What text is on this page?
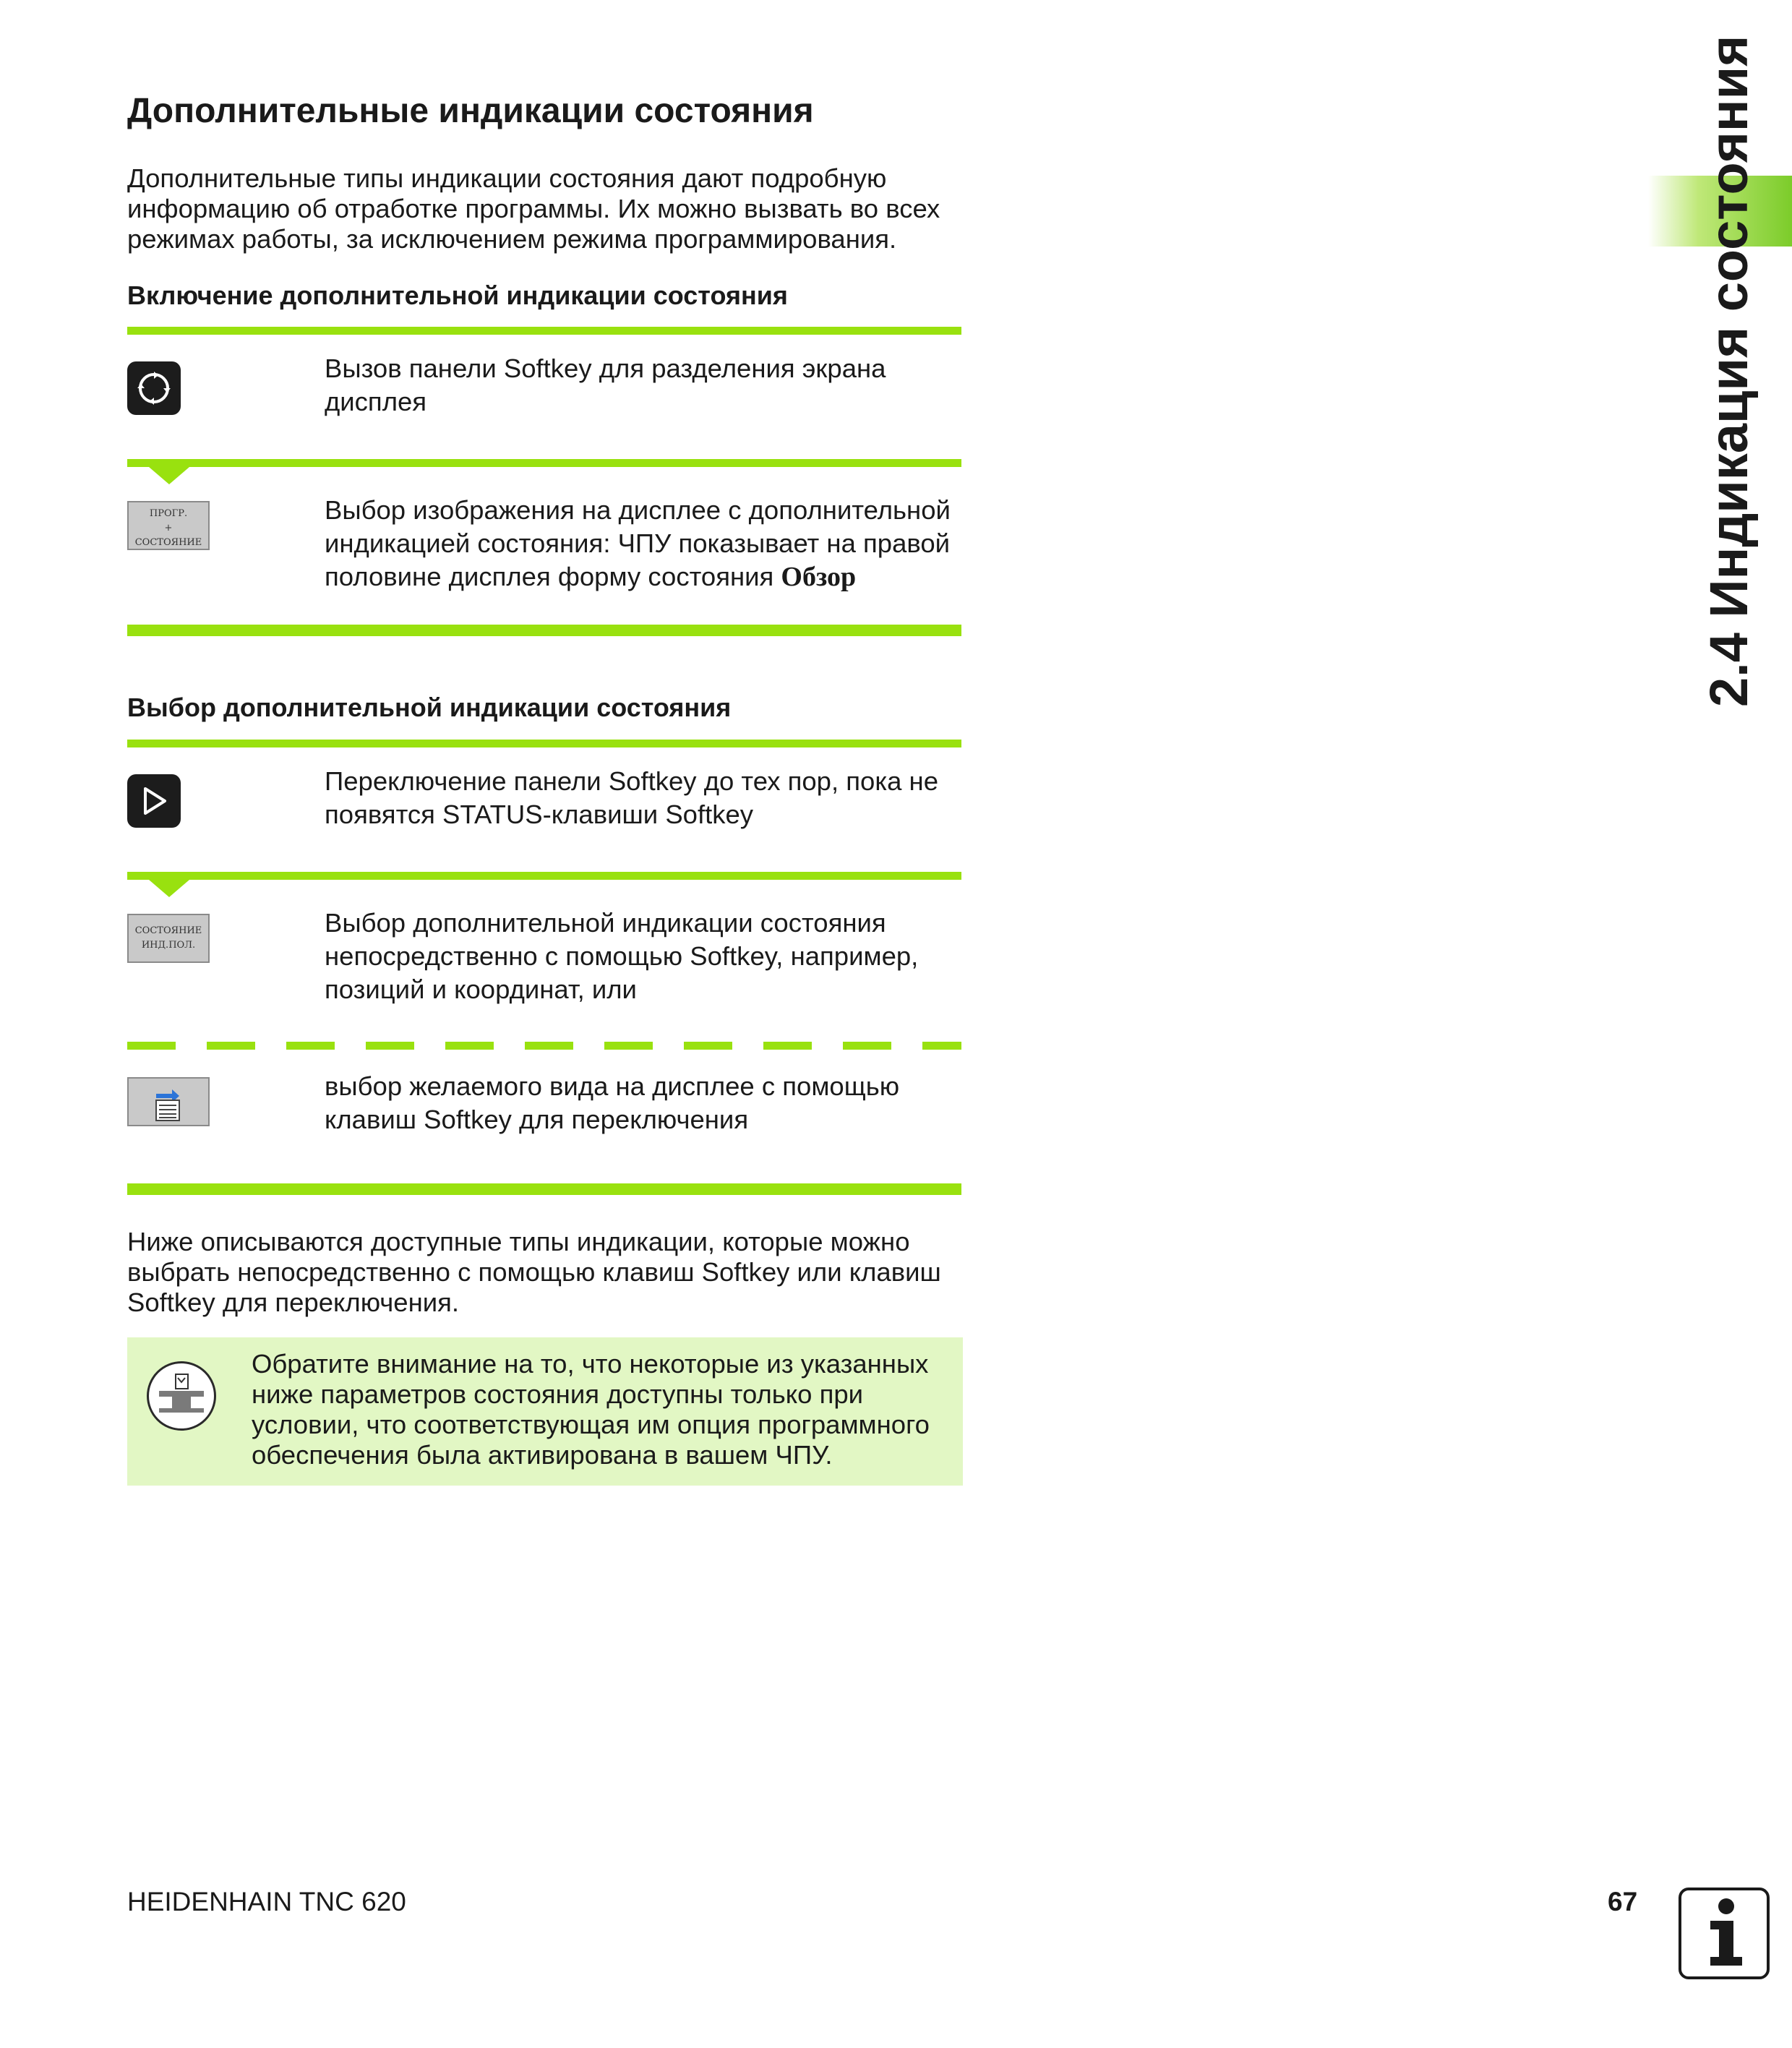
Дополнительные индикации состояния
Дополнительные типы индикации состояния дают подробную информацию об отработке программы. Их можно вызвать во всех режимах работы, за исключением режима программирования.
Включение дополнительной индикации состояния
Вызов панели Softkey для разделения экрана дисплея
ПРОГР.
+
СОСТОЯНИЕ
Выбор изображения на дисплее с дополнительной индикацией состояния: ЧПУ показывает на правой половине дисплея форму состояния Обзор
Выбор дополнительной индикации состояния
Переключение панели Softkey до тех пор, пока не появятся STATUS-клавиши Softkey
СОСТОЯНИЕ
ИНД.ПОЛ.
Выбор дополнительной индикации состояния непосредственно с помощью Softkey, например, позиций и координат, или
выбор желаемого вида на дисплее с помощью клавиш Softkey для переключения
Ниже описываются доступные типы индикации, которые можно выбрать непосредственно с помощью клавиш Softkey или клавиш Softkey для переключения.
Обратите внимание на то, что некоторые из указанных ниже параметров состояния доступны только при условии, что соответствующая им опция программного обеспечения была активирована в вашем ЧПУ.
2.4 Индикация состояния
HEIDENHAIN TNC 620	67
